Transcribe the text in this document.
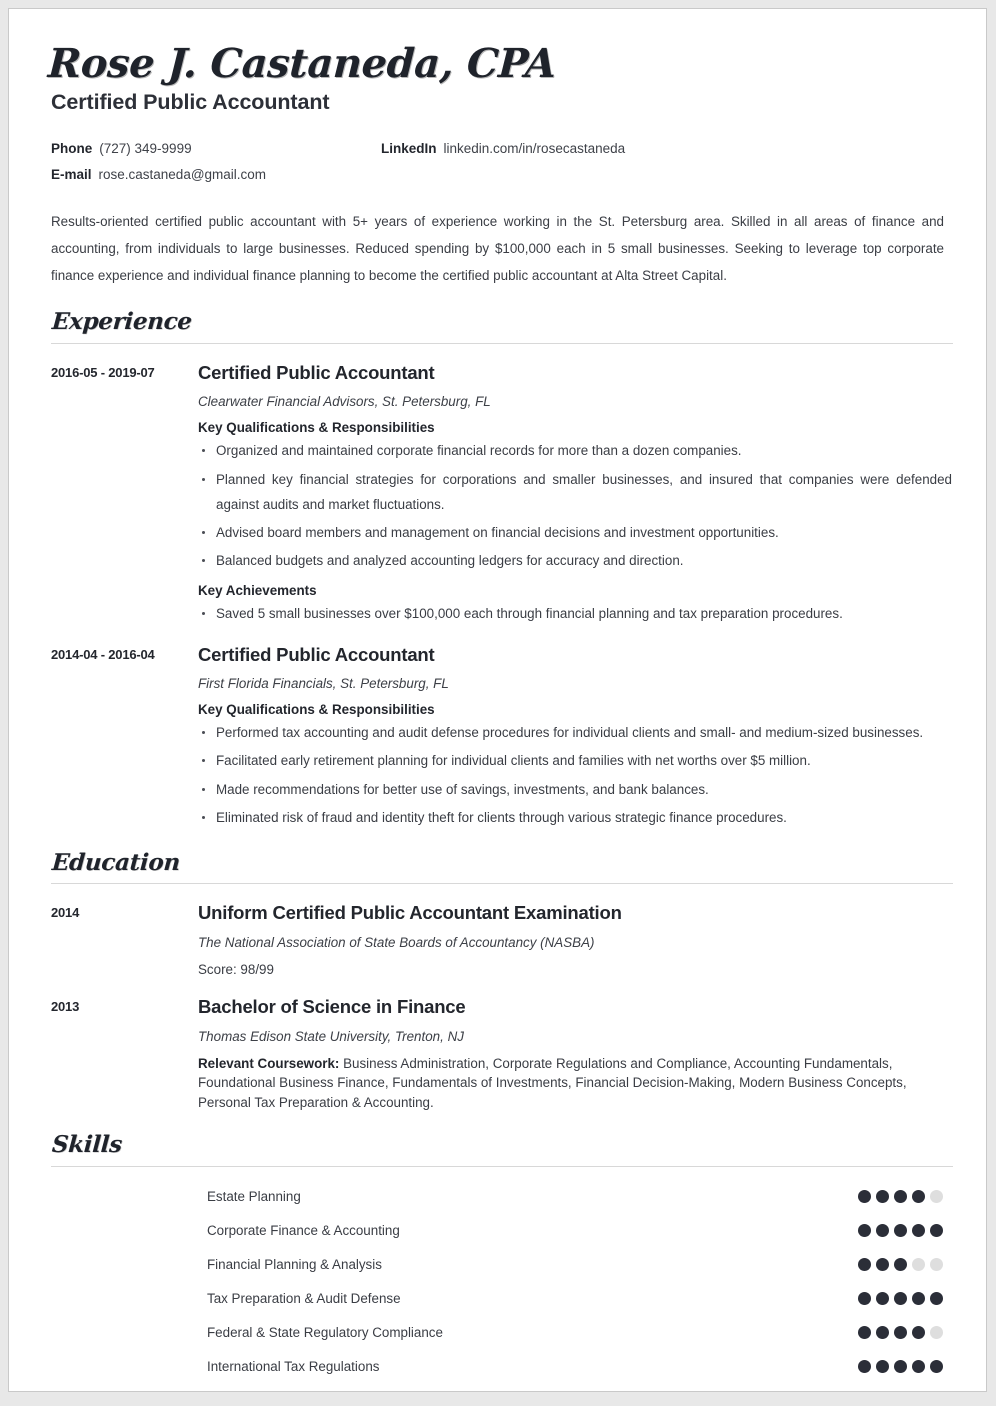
Rose J. Castaneda, CPA
Certified Public Accountant
Phone (727) 349-9999	LinkedIn linkedin.com/in/rosecastaneda
E-mail rose.castaneda@gmail.com
Results-oriented certified public accountant with 5+ years of experience working in the St. Petersburg area. Skilled in all areas of finance and accounting, from individuals to large businesses. Reduced spending by $100,000 each in 5 small businesses. Seeking to leverage top corporate finance experience and individual finance planning to become the certified public accountant at Alta Street Capital.
Experience
2016-05 - 2019-07	Certified Public Accountant
Clearwater Financial Advisors, St. Petersburg, FL
Key Qualifications & Responsibilities
Organized and maintained corporate financial records for more than a dozen companies.
Planned key financial strategies for corporations and smaller businesses, and insured that companies were defended against audits and market fluctuations.
Advised board members and management on financial decisions and investment opportunities.
Balanced budgets and analyzed accounting ledgers for accuracy and direction.
Key Achievements
Saved 5 small businesses over $100,000 each through financial planning and tax preparation procedures.
2014-04 - 2016-04	Certified Public Accountant
First Florida Financials, St. Petersburg, FL
Key Qualifications & Responsibilities
Performed tax accounting and audit defense procedures for individual clients and small- and medium-sized businesses.
Facilitated early retirement planning for individual clients and families with net worths over $5 million.
Made recommendations for better use of savings, investments, and bank balances.
Eliminated risk of fraud and identity theft for clients through various strategic finance procedures.
Education
2014	Uniform Certified Public Accountant Examination
The National Association of State Boards of Accountancy (NASBA)
Score: 98/99
2013	Bachelor of Science in Finance
Thomas Edison State University, Trenton, NJ
Relevant Coursework: Business Administration, Corporate Regulations and Compliance, Accounting Fundamentals, Foundational Business Finance, Fundamentals of Investments, Financial Decision-Making, Modern Business Concepts, Personal Tax Preparation & Accounting.
Skills
Estate Planning
Corporate Finance & Accounting
Financial Planning & Analysis
Tax Preparation & Audit Defense
Federal & State Regulatory Compliance
International Tax Regulations
